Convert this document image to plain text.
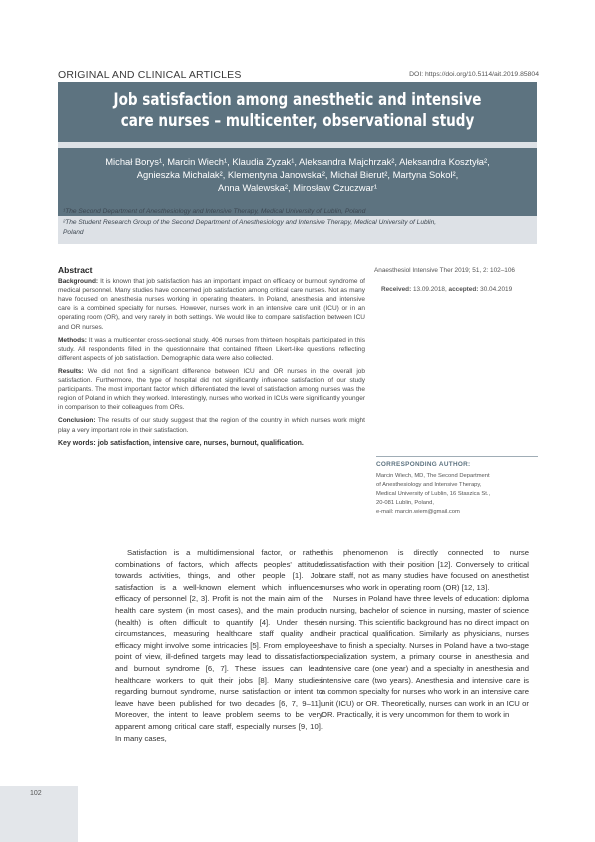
ORIGINAL AND CLINICAL ARTICLES	DOI: https://doi.org/10.5114/ait.2019.85804
Job satisfaction among anesthetic and intensive
care nurses – multicenter, observational study
Michał Borys¹, Marcin Wiech¹, Klaudia Zyzak¹, Aleksandra Majchrzak², Aleksandra Kosztyła²,
Agnieszka Michalak², Klementyna Janowska², Michał Bierut², Martyna Sokol²,
Anna Walewska², Mirosław Czuczwar¹
¹The Second Department of Anesthesiology and Intensive Therapy, Medical University of Lublin, Poland
²The Student Research Group of the Second Department of Anesthesiology and Intensive Therapy, Medical University of Lublin,
Poland
Abstract

Background: It is known that job satisfaction has an important impact on efficacy or burnout syndrome of medical personnel. Many studies have concerned job satisfaction among critical care nurses. Not as many have focused on anesthesia nurses working in operating theaters. In Poland, anesthesia and intensive care is a combined specialty for nurses. However, nurses work in an intensive care unit (ICU) or in an operating room (OR), and very rarely in both settings. We would like to compare satisfaction between ICU and OR nurses.

Methods: It was a multicenter cross-sectional study. 406 nurses from thirteen hospitals participated in this study. All respondents filled in the questionnaire that contained fifteen Likert-like questions reflecting different aspects of job satisfaction. Demographic data were also collected.

Results: We did not find a significant difference between ICU and OR nurses in the overall job satisfaction. Furthermore, the type of hospital did not significantly influence satisfaction of our study participants. The most important factor which differentiated the level of satisfaction among nurses was the region of Poland in which they worked. Interestingly, nurses who worked in ICUs were significantly younger in comparison to their colleagues from ORs.

Conclusion: The results of our study suggest that the region of the country in which nurses work might play a very important role in their satisfaction.

Key words: job satisfaction, intensive care, nurses, burnout, qualification.

Anaesthesiol Intensive Ther 2019; 51, 2: 102–106
Received: 13.09.2018, accepted: 30.04.2019
CORRESPONDING AUTHOR:
Marcin Wiech, MD, The Second Department
of Anesthesiology and Intensive Therapy,
Medical University of Lublin, 16 Staszica St.,
20-081 Lublin, Poland,
e-mail: marcin.wiem@gmail.com

Satisfaction is a multidimensional factor, or rather combinations of factors, which affects peoples' attitude towards activities, things, and other people [1]. Job satisfaction is a well-known element which influences efficacy of personnel [2, 3]. Profit is not the main aim of the health care system (in most cases), and the main product (health) is often difficult to quantify [4]. Under these circumstances, measuring healthcare staff quality and efficacy might involve some intricacies [5]. From employees' point of view, ill-defined targets may lead to dissatisfaction and burnout syndrome [6, 7]. These issues can lead healthcare workers to quit their jobs [8]. Many studies regarding burnout syndrome, nurse satisfaction or intent to leave have been published for two decades [6, 7, 9–11]. Moreover, the intent to leave problem seems to be very apparent among critical care staff, especially nurses [9, 10]. In many cases,

this phenomenon is directly connected to nurse dissatisfaction with their position [12]. Conversely to critical care staff, not as many studies have focused on anesthetist nurses who work in operating room (OR) [12, 13].

Nurses in Poland have three levels of education: diploma in nursing, bachelor of science in nursing, master of science in nursing. This scientific background has no direct impact on their practical qualification. Similarly as physicians, nurses have to finish a specialty. Nurses in Poland have a two-stage specialization system, a primary course in anesthesia and intensive care (one year) and a specialty in anesthesia and intensive care (two years). Anesthesia and intensive care is a common specialty for nurses who work in an intensive care unit (ICU) or OR. Theoretically, nurses can work in an ICU or OR. Practically, it is very uncommon for them to work in

102
